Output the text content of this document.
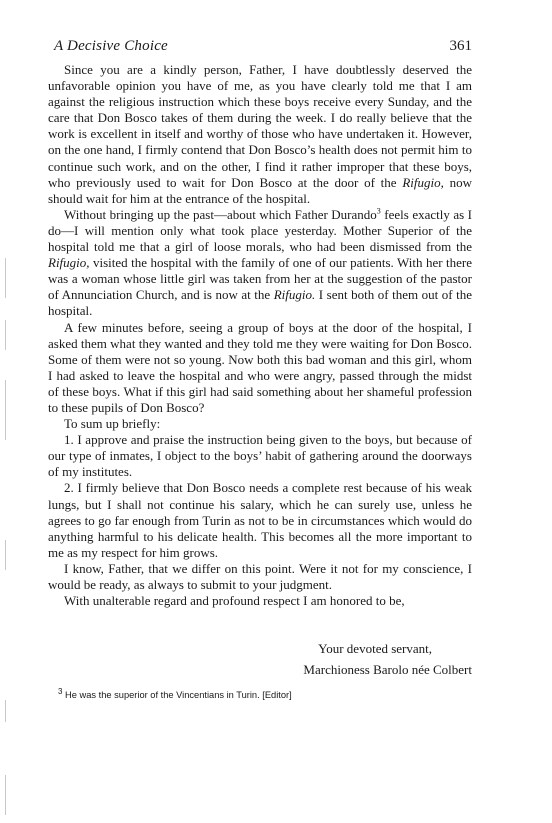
A Decisive Choice	361

Since you are a kindly person, Father, I have doubtlessly deserved the unfavorable opinion you have of me, as you have clearly told me that I am against the religious instruction which these boys receive every Sunday, and the care that Don Bosco takes of them during the week. I do really believe that the work is excellent in itself and worthy of those who have undertaken it. However, on the one hand, I firmly contend that Don Bosco’s health does not permit him to continue such work, and on the other, I find it rather improper that these boys, who previously used to wait for Don Bosco at the door of the Rifugio, now should wait for him at the entrance of the hospital.

Without bringing up the past—about which Father Durando$^3$ feels exactly as I do—I will mention only what took place yesterday. Mother Superior of the hospital told me that a girl of loose morals, who had been dismissed from the Rifugio, visited the hospital with the family of one of our patients. With her there was a woman whose little girl was taken from her at the suggestion of the pastor of Annunciation Church, and is now at the Rifugio. I sent both of them out of the hospital.

A few minutes before, seeing a group of boys at the door of the hospital, I asked them what they wanted and they told me they were waiting for Don Bosco. Some of them were not so young. Now both this bad woman and this girl, whom I had asked to leave the hospital and who were angry, passed through the midst of these boys. What if this girl had said something about her shameful profession to these pupils of Don Bosco?

To sum up briefly:

1. I approve and praise the instruction being given to the boys, but because of our type of inmates, I object to the boys’ habit of gathering around the doorways of my institutes.

2. I firmly believe that Don Bosco needs a complete rest because of his weak lungs, but I shall not continue his salary, which he can surely use, unless he agrees to go far enough from Turin as not to be in circumstances which would do anything harmful to his delicate health. This becomes all the more important to me as my respect for him grows.

I know, Father, that we differ on this point. Were it not for my conscience, I would be ready, as always to submit to your judgment.

With unalterable regard and profound respect I am honored to be,

Your devoted servant,
Marchioness Barolo née Colbert
$^3$ He was the superior of the Vincentians in Turin. [Editor]
